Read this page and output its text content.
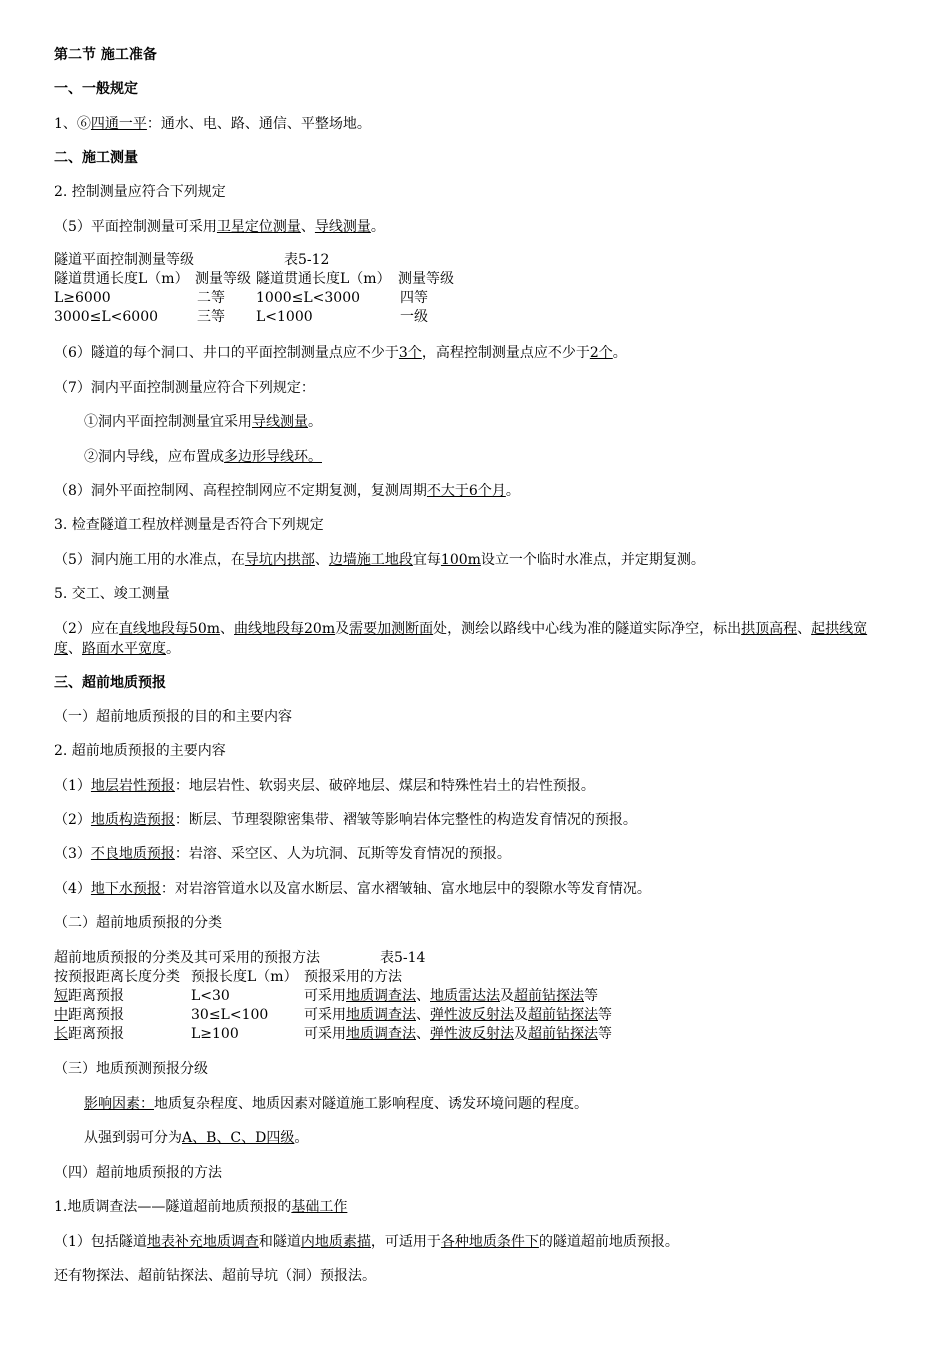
第二节 施工准备
一、一般规定
1、⑥四通一平：通水、电、路、通信、平整场地。
二、施工测量
2. 控制测量应符合下列规定
（5）平面控制测量可采用卫星定位测量、导线测量。
隧道平面控制测量等级	表5-12
隧道贯通长度L（m） 测量等级 隧道贯通长度L（m） 测量等级
L≥6000	二等 1000≤L<3000	四等
3000≤L<6000	三等 L<1000	一级
（6）隧道的每个洞口、井口的平面控制测量点应不少于3个，高程控制测量点应不少于2个。
（7）洞内平面控制测量应符合下列规定：
①洞内平面控制测量宜采用导线测量。
②洞内导线，应布置成多边形导线环。
（8）洞外平面控制网、高程控制网应不定期复测，复测周期不大于6个月。
3. 检查隧道工程放样测量是否符合下列规定
（5）洞内施工用的水准点，在导坑内拱部、边墙施工地段宜每100m设立一个临时水准点，并定期复测。
5. 交工、竣工测量
（2）应在直线地段每50m、曲线地段每20m及需要加测断面处，测绘以路线中心线为准的隧道实际净空，标出拱顶高程、起拱线宽度、路面水平宽度。
三、超前地质预报
（一）超前地质预报的目的和主要内容
2. 超前地质预报的主要内容
（1）地层岩性预报：地层岩性、软弱夹层、破碎地层、煤层和特殊性岩土的岩性预报。
（2）地质构造预报：断层、节理裂隙密集带、褶皱等影响岩体完整性的构造发育情况的预报。
（3）不良地质预报：岩溶、采空区、人为坑洞、瓦斯等发育情况的预报。
（4）地下水预报：对岩溶管道水以及富水断层、富水褶皱轴、富水地层中的裂隙水等发育情况。
（二）超前地质预报的分类
超前地质预报的分类及其可采用的预报方法	表5-14
按预报距离长度分类 预报长度L（m） 预报采用的方法
短距离预报	L<30	可采用地质调查法、地质雷达法及超前钻探法等
中距离预报	30≤L<100	可采用地质调查法、弹性波反射法及超前钻探法等
长距离预报	L≥100	可采用地质调查法、弹性波反射法及超前钻探法等
（三）地质预测预报分级
影响因素：地质复杂程度、地质因素对隧道施工影响程度、诱发环境问题的程度。
从强到弱可分为A、B、C、D四级。
（四）超前地质预报的方法
1.地质调查法——隧道超前地质预报的基础工作
（1）包括隧道地表补充地质调查和隧道内地质素描，可适用于各种地质条件下的隧道超前地质预报。
还有物探法、超前钻探法、超前导坑（洞）预报法。
